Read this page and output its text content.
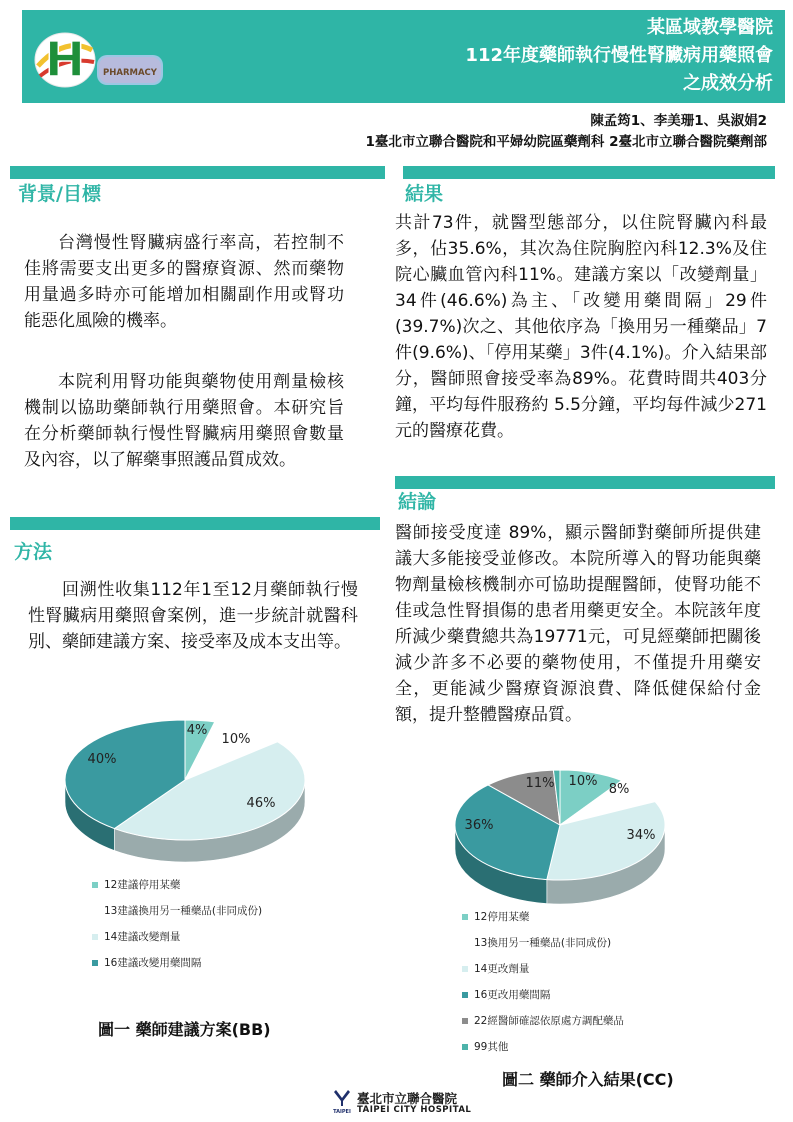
某區域教學醫院
112年度藥師執行慢性腎臟病用藥照會
之成效分析
H PHARMACY
陳孟筠1、李美珊1、吳淑娟2
1臺北市立聯合醫院和平婦幼院區藥劑科 2臺北市立聯合醫院藥劑部
背景/目標
台灣慢性腎臟病盛行率高，若控制不佳將需要支出更多的醫療資源、然而藥物用量過多時亦可能增加相關副作用或腎功能惡化風險的機率。
本院利用腎功能與藥物使用劑量檢核機制以協助藥師執行用藥照會。本研究旨在分析藥師執行慢性腎臟病用藥照會數量及內容，以了解藥事照護品質成效。
方法
回溯性收集112年1至12月藥師執行慢性腎臟病用藥照會案例，進一步統計就醫科別、藥師建議方案、接受率及成本支出等。
4%
10%
46%
40%
12建議停用某藥
13建議換用另一種藥品(非同成份)
14建議改變劑量
16建議改變用藥間隔
圖一 藥師建議方案(BB)
結果
共計73件，就醫型態部分，以住院腎臟內科最多，佔35.6%，其次為住院胸腔內科12.3%及住院心臟血管內科11%。建議方案以「改變劑量」34件(46.6%)為主、「改變用藥間隔」29件 (39.7%)次之、其他依序為「換用另一種藥品」7件(9.6%)、「停用某藥」3件(4.1%)。介入結果部分，醫師照會接受率為89%。花費時間共403分鐘，平均每件服務約 5.5分鐘，平均每件減少271元的醫療花費。
結論
醫師接受度達 89%，顯示醫師對藥師所提供建議大多能接受並修改。本院所導入的腎功能與藥物劑量檢核機制亦可協助提醒醫師，使腎功能不佳或急性腎損傷的患者用藥更安全。本院該年度所減少藥費總共為19771元，可見經藥師把關後減少許多不必要的藥物使用，不僅提升用藥安全，更能減少醫療資源浪費、降低健保給付金額，提升整體醫療品質。
10%
8%
34%
36%
11%
12停用某藥
13換用另一種藥品(非同成份)
14更改劑量
16更改用藥間隔
22經醫師確認依原處方調配藥品
99其他
圖二 藥師介入結果(CC)
TAIPEI
臺北市立聯合醫院
TAIPEI CITY HOSPITAL
